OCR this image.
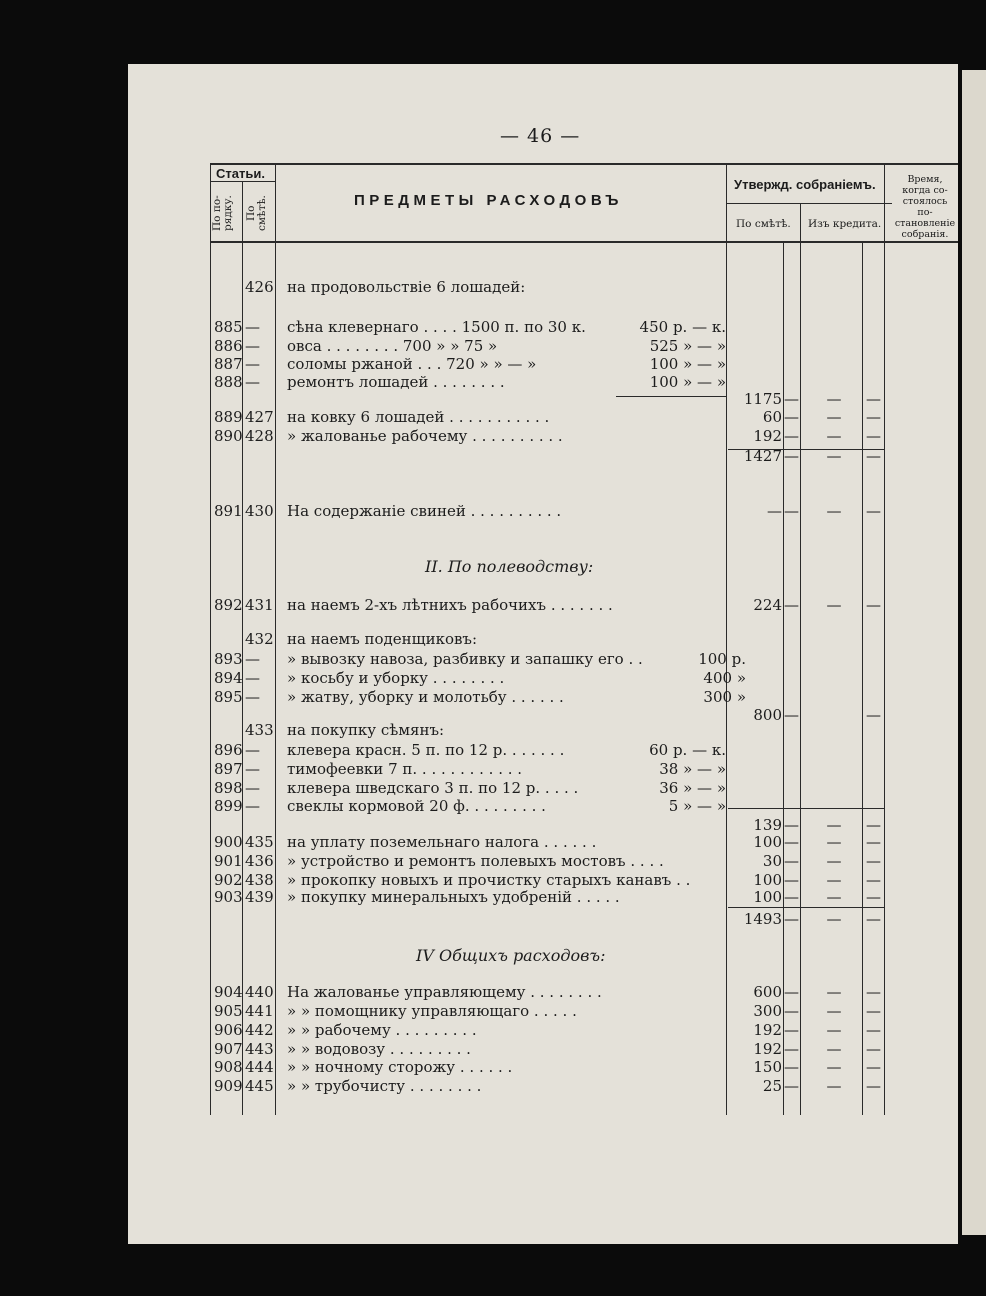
— 46 —
Статьи.
По по-
рядку. По
смѣтѣ.	ПРЕДМЕТЫ РАСХОДОВЪ
Утвержд. собраніемъ.
По смѣтѣ. Изъ кредита.
Время, когда со-стоялось по-становленіе собранія.
426 на продовольствіе 6 лошадей:
885 — сѣна клевернаго . . . . 1500 п. по 30 к.	450 р. — к.
886 — овса . . . . . . . . 700 » » 75 »	525 » — »
887 — соломы ржаной . . . 720 » » — »	100 » — »
888 — ремонтъ лошадей . . . . . . . .	100 » — »
1175 —	—	—
889 427 на ковку 6 лошадей . . . . . . . . . . .	60 —	—	—
890 428 » жалованье рабочему . . . . . . . . . .	192 —	—	—
1427 —	—	—
891 430 На содержаніе свиней . . . . . . . . . .	— —	—	—
II. По полеводству:
892 431 на наемъ 2-хъ лѣтнихъ рабочихъ . . . . . . .	224 —	—	—
432 на наемъ поденщиковъ:
893 — » вывозку навоза, разбивку и запашку его . .	100 р.
894 — » косьбу и уборку . . . . . . . .	400 »
895 — » жатву, уборку и молотьбу . . . . . .	300 »
800 —	—
433 на покупку сѣмянъ:
896 — клевера красн. 5 п. по 12 р. . . . . . .	60 р. — к.
897 — тимофеевки 7 п. . . . . . . . . . . .	38 » — »
898 — клевера шведскаго 3 п. по 12 р. . . . .	36 » — »
899 — свеклы кормовой 20 ф. . . . . . . . .	5 » — »
139 —	—	—
900 435 на уплату поземельнаго налога . . . . . .	100 —	—	—
901 436 » устройство и ремонтъ полевыхъ мостовъ . . . .	30 —	—	—
902 438 » прокопку новыхъ и прочистку старыхъ канавъ . .	100 —	—	—
903 439 » покупку минеральныхъ удобреній . . . . .	100 —	—	—
1493 —	—	—
IV Общихъ расходовъ:
904 440 На жалованье управляющему . . . . . . . .	600 —	—	—
905 441 » » помощнику управляющаго . . . . .	300 —	—	—
906 442 » » рабочему . . . . . . . . .	192 —	—	—
907 443 » » водовозу . . . . . . . . .	192 —	—	—
908 444 » » ночному сторожу . . . . . .	150 —	—	—
909 445 » » трубочисту . . . . . . . .	25 —	—	—
